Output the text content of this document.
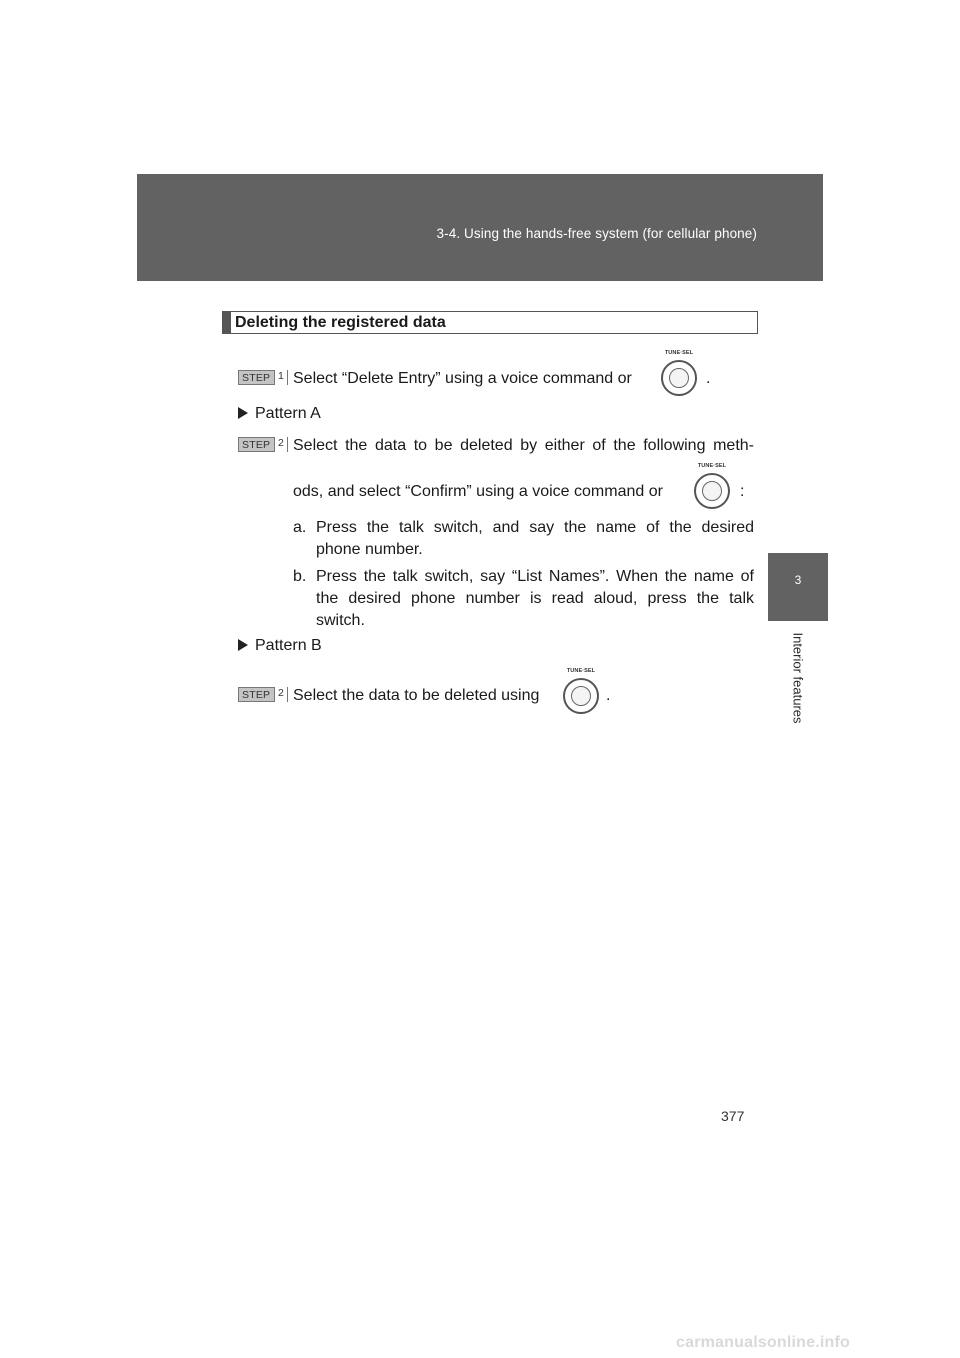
3-4. Using the hands-free system (for cellular phone)
3
Interior features
Deleting the registered data
STEP 1 Select “Delete Entry” using a voice command or
TUNE·SEL
.
Pattern A
STEP 2 Select the data to be deleted by either of the following meth-
ods, and select “Confirm” using a voice command or
TUNE·SEL
:
a. Press the talk switch, and say the name of the desired
phone number.
b. Press the talk switch, say “List Names”. When the name of
the desired phone number is read aloud, press the talk
switch.
Pattern B
STEP 2 Select the data to be deleted using
TUNE·SEL
.
377
carmanualsonline.info
